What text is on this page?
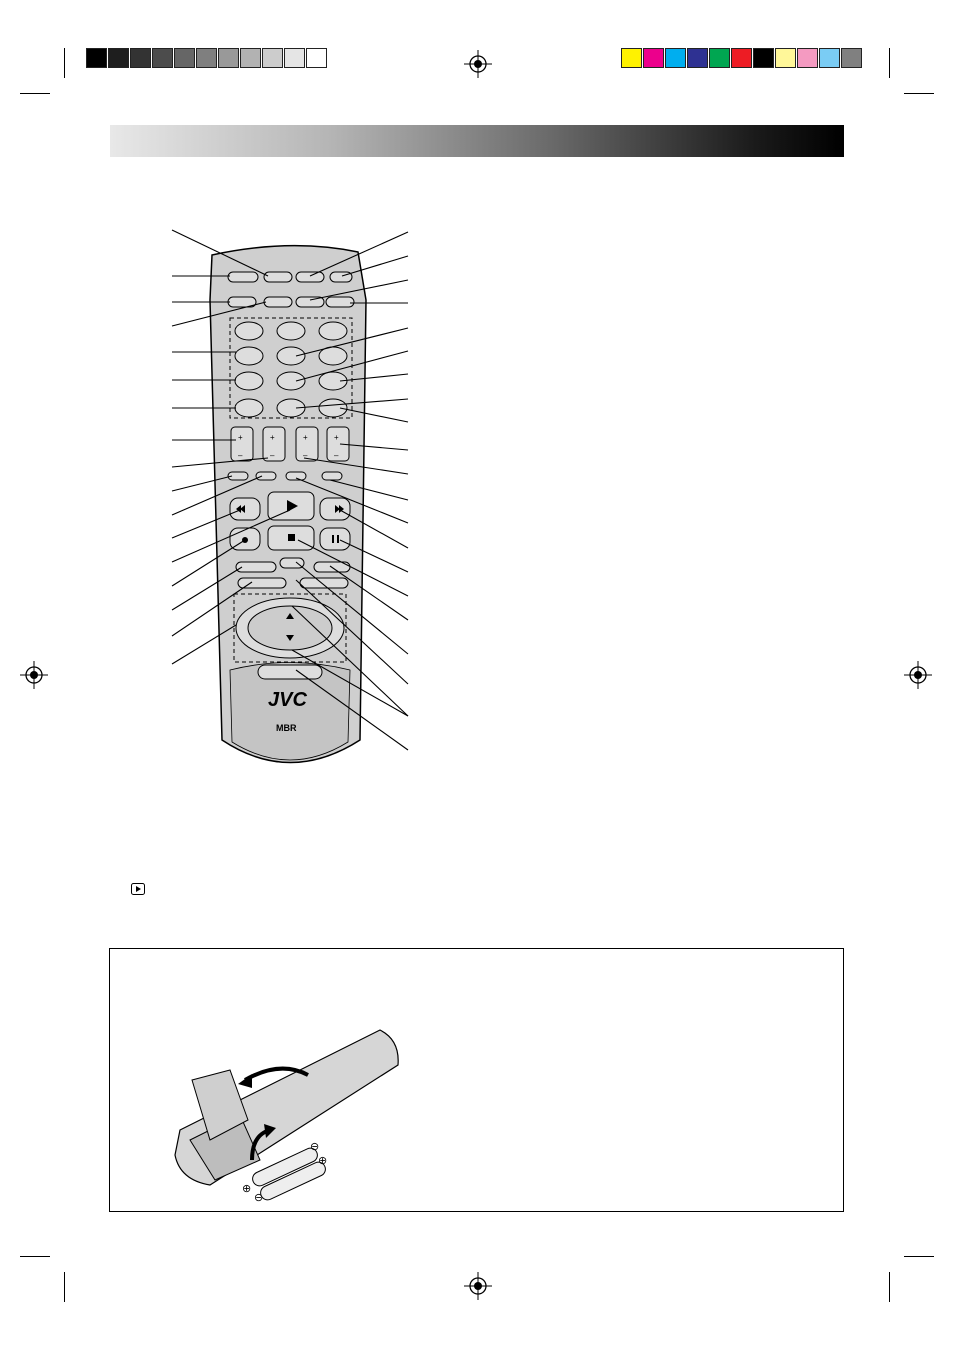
+	+	+	+
–	–	–	–
JVC
MBR
⊖
⊕
⊕
⊖
